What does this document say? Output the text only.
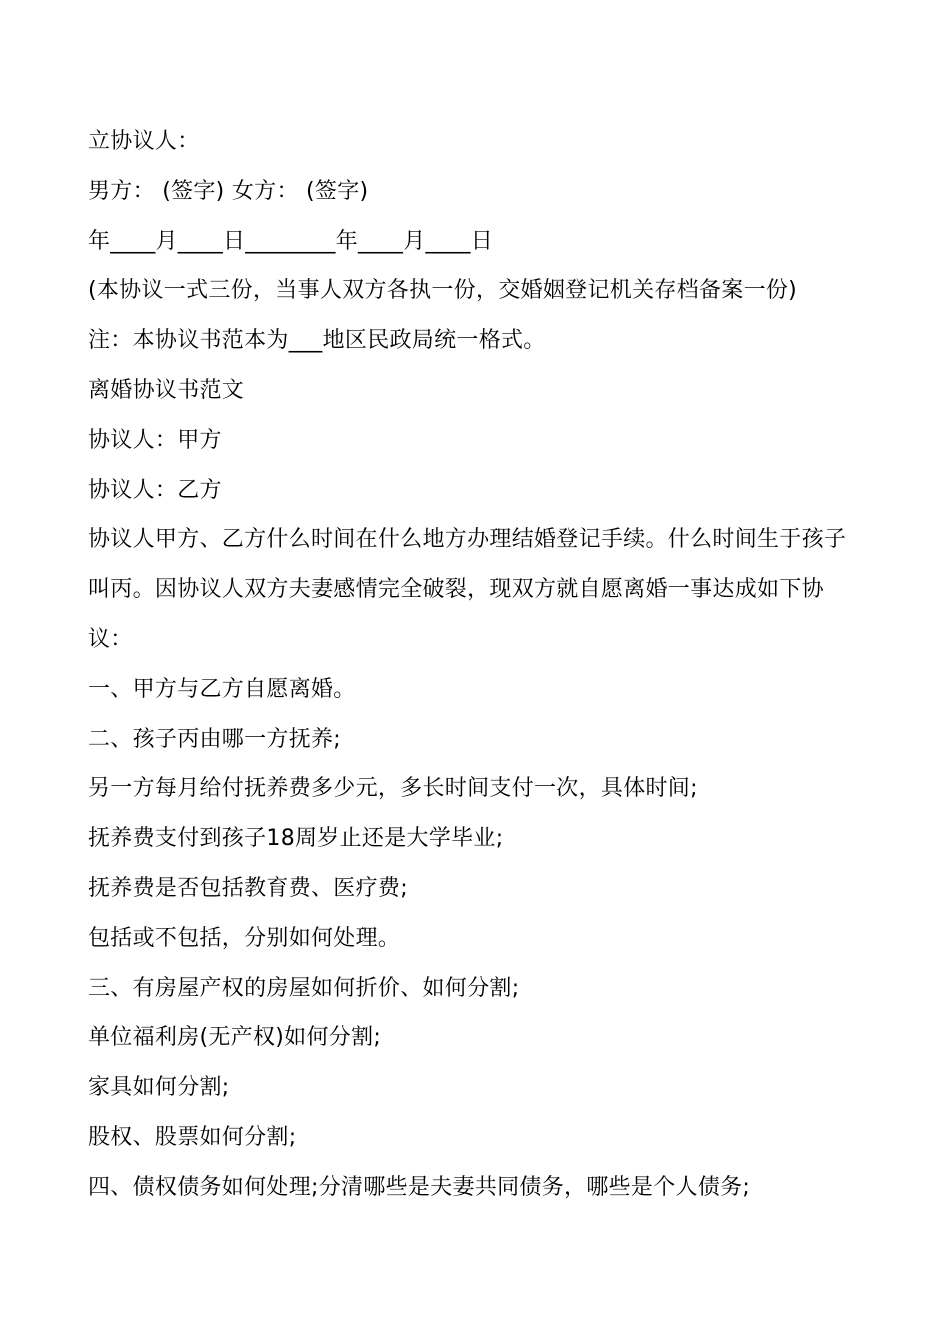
立协议人：
男方： (签字) 女方： (签字)
年____月____日________年____月____日
(本协议一式三份，当事人双方各执一份，交婚姻登记机关存档备案一份)
注：本协议书范本为___地区民政局统一格式。
离婚协议书范文
协议人：甲方
协议人：乙方
协议人甲方、乙方什么时间在什么地方办理结婚登记手续。什么时间生于孩子叫丙。因协议人双方夫妻感情完全破裂，现双方就自愿离婚一事达成如下协议：
一、甲方与乙方自愿离婚。
二、孩子丙由哪一方抚养;
另一方每月给付抚养费多少元，多长时间支付一次，具体时间;
抚养费支付到孩子18周岁止还是大学毕业;
抚养费是否包括教育费、医疗费;
包括或不包括，分别如何处理。
三、有房屋产权的房屋如何折价、如何分割;
单位福利房(无产权)如何分割;
家具如何分割;
股权、股票如何分割;
四、债权债务如何处理;分清哪些是夫妻共同债务，哪些是个人债务;
